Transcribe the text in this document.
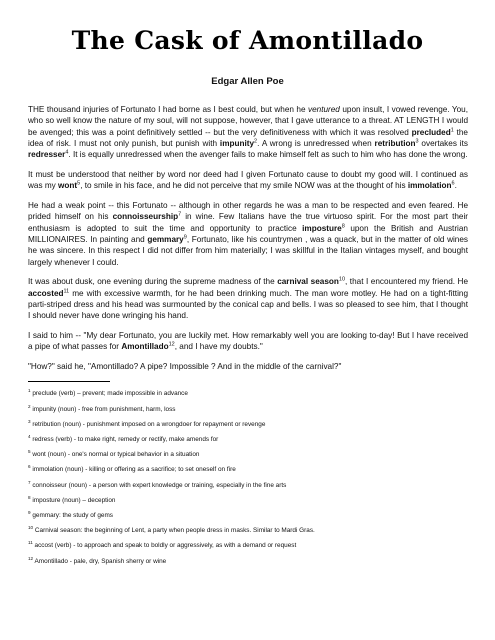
The Cask of Amontillado
Edgar Allen Poe

THE thousand injuries of Fortunato I had borne as I best could, but when he ventured upon insult, I vowed revenge. You, who so well know the nature of my soul, will not suppose, however, that I gave utterance to a threat. AT LENGTH I would be avenged; this was a point definitively settled -- but the very definitiveness with which it was resolved precluded$^1$ the idea of risk. I must not only punish, but punish with impunity$^2$. A wrong is unredressed when retribution$^3$ overtakes its redresser$^4$. It is equally unredressed when the avenger fails to make himself felt as such to him who has done the wrong.

It must be understood that neither by word nor deed had I given Fortunato cause to doubt my good will. I continued as was my wont$^5$, to smile in his face, and he did not perceive that my smile NOW was at the thought of his immolation$^6$.

He had a weak point -- this Fortunato -- although in other regards he was a man to be respected and even feared. He prided himself on his connoisseurship$^7$ in wine. Few Italians have the true virtuoso spirit. For the most part their enthusiasm is adopted to suit the time and opportunity to practice imposture$^8$ upon the British and Austrian MILLIONAIRES. In painting and gemmary$^9$, Fortunato, like his countrymen , was a quack, but in the matter of old wines he was sincere. In this respect I did not differ from him materially; I was skillful in the Italian vintages myself, and bought largely whenever I could.

It was about dusk, one evening during the supreme madness of the carnival season$^{10}$, that I encountered my friend. He accosted$^{11}$ me with excessive warmth, for he had been drinking much. The man wore motley. He had on a tight-fitting parti-striped dress and his head was surmounted by the conical cap and bells. I was so pleased to see him, that I thought I should never have done wringing his hand.

I said to him -- "My dear Fortunato, you are luckily met. How remarkably well you are looking to-day! But I have received a pipe of what passes for Amontillado$^{12}$, and I have my doubts."

"How?" said he, "Amontillado? A pipe? Impossible ? And in the middle of the carnival?"

$^1$ preclude (verb) – prevent; made impossible in advance
$^2$ impunity (noun) - free from punishment, harm, loss
$^3$ retribution (noun) - punishment imposed on a wrongdoer for repayment or revenge
$^4$ redress (verb) - to make right, remedy or rectify, make amends for
$^5$ wont (noun) - one's normal or typical behavior in a situation
$^6$ immolation (noun) - killing or offering as a sacrifice; to set oneself on fire
$^7$ connoisseur (noun) - a person with expert knowledge or training, especially in the fine arts
$^8$ imposture (noun) – deception
$^9$ gemmary: the study of gems
$^{10}$ Carnival season: the beginning of Lent, a party when people dress in masks. Similar to Mardi Gras.
$^{11}$ accost (verb) - to approach and speak to boldly or aggressively, as with a demand or request
$^{12}$ Amontillado - pale, dry, Spanish sherry or wine
